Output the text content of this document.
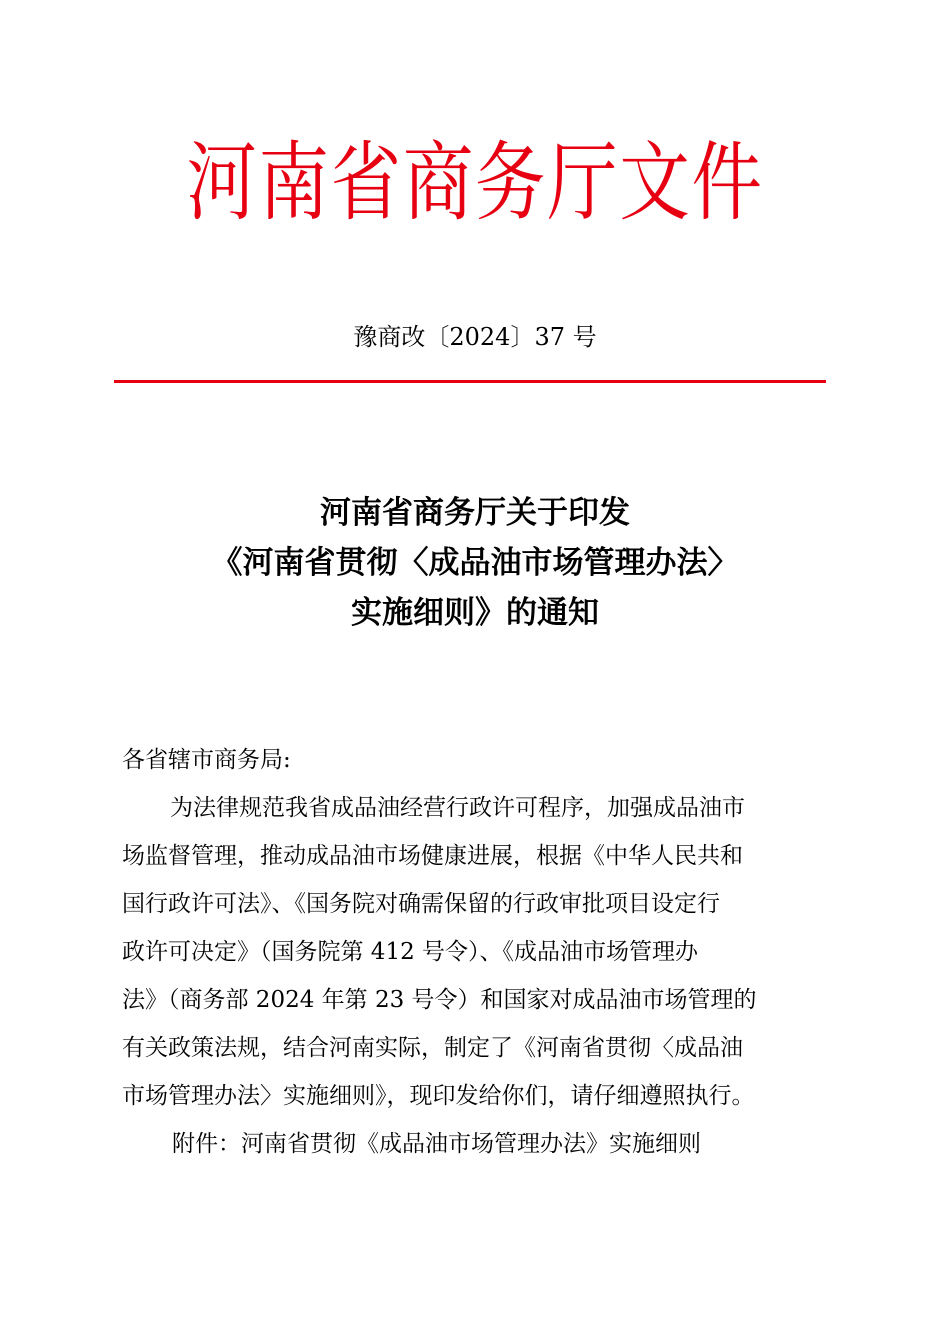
河南省商务厅文件
豫商改〔2024〕37 号
河南省商务厅关于印发
《河南省贯彻〈成品油市场管理办法〉
实施细则》的通知
各省辖市商务局:
为法律规范我省成品油经营行政许可程序，加强成品油市
场监督管理，推动成品油市场健康进展，根据《中华人民共和
国行政许可法》、《国务院对确需保留的行政审批项目设定行
政许可决定》（国务院第 412 号令）、《成品油市场管理办
法》（商务部 2024 年第 23 号令）和国家对成品油市场管理的
有关政策法规，结合河南实际，制定了《河南省贯彻〈成品油
市场管理办法〉实施细则》，现印发给你们，请仔细遵照执行。
附件：河南省贯彻《成品油市场管理办法》实施细则
